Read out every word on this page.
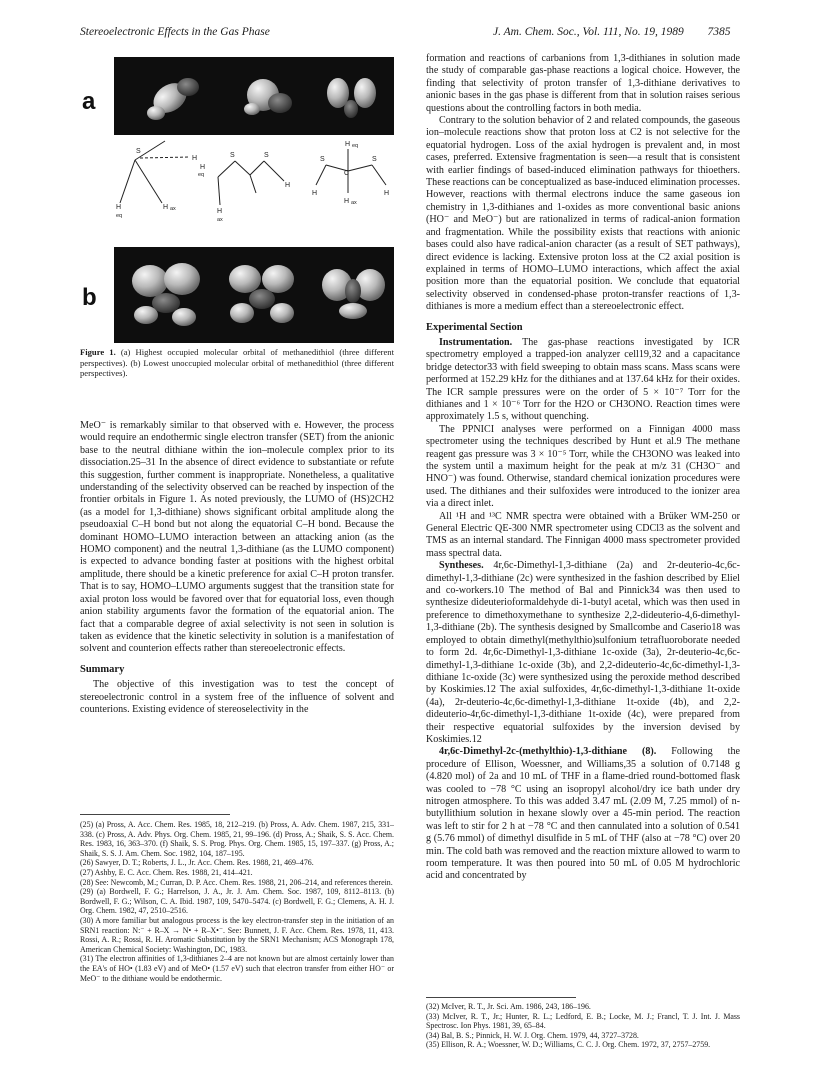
Stereoelectronic Effects in the Gas Phase	J. Am. Chem. Soc., Vol. 111, No. 19, 1989 7385
a
S
H
H
eq
H ax
H
eq
S	S
H
H
ax
H eq
S	S
C
H	H
H ax
b
Figure 1. (a) Highest occupied molecular orbital of methanedithiol (three different perspectives). (b) Lowest unoccupied molecular orbital of methanedithiol (three different perspectives).

MeO⁻ is remarkably similar to that observed with e. However, the process would require an endothermic single electron transfer (SET) from the anionic base to the neutral dithiane within the ion–molecule complex prior to its dissociation.25–31 In the absence of direct evidence to substantiate or refute this suggestion, further comment is inappropriate. Nonetheless, a qualitative understanding of the selectivity observed can be reached by inspection of the frontier orbitals in Figure 1. As noted previously, the LUMO of (HS)2CH2 (as a model for 1,3-dithiane) shows significant orbital amplitude along the pseudoaxial C–H bond but not along the equatorial C–H bond. Because the dominant HOMO–LUMO interaction between an attacking anion (as the HOMO component) and the neutral 1,3-dithiane (as the LUMO component) is expected to advance bonding faster at positions with the highest orbital amplitude, there should be a kinetic preference for axial C–H proton transfer. That is to say, HOMO–LUMO arguments suggest that the transition state for axial proton loss would be favored over that for equatorial loss, even though anion stability arguments favor the formation of the equatorial anion. The fact that a comparable degree of axial selectivity is not seen in solution is taken as evidence that the kinetic selectivity in solution is a manifestation of solvent and counterion effects rather than stereoelectronic effects.

Summary

The objective of this investigation was to test the concept of stereoelectronic control in a system free of the influence of solvent and counterions. Existing evidence of stereoselectivity in the

(25) (a) Pross, A. Acc. Chem. Res. 1985, 18, 212–219. (b) Pross, A. Adv. Chem. 1987, 215, 331–338. (c) Pross, A. Adv. Phys. Org. Chem. 1985, 21, 99–196. (d) Pross, A.; Shaik, S. S. Acc. Chem. Res. 1983, 16, 363–370. (f) Shaik, S. S. Prog. Phys. Org. Chem. 1985, 15, 197–337. (g) Pross, A.; Shaik, S. S. J. Am. Chem. Soc. 1982, 104, 187–195.

(26) Sawyer, D. T.; Roberts, J. L., Jr. Acc. Chem. Res. 1988, 21, 469–476.

(27) Ashby, E. C. Acc. Chem. Res. 1988, 21, 414–421.

(28) See: Newcomb, M.; Curran, D. P. Acc. Chem. Res. 1988, 21, 206–214, and references therein.

(29) (a) Bordwell, F. G.; Harrelson, J. A., Jr. J. Am. Chem. Soc. 1987, 109, 8112–8113. (b) Bordwell, F. G.; Wilson, C. A. Ibid. 1987, 109, 5470–5474. (c) Bordwell, F. G.; Clemens, A. H. J. Org. Chem. 1982, 47, 2510–2516.

(30) A more familiar but analogous process is the key electron-transfer step in the initiation of an SRN1 reaction: N:⁻ + R–X → N• + R–X•⁻. See: Bunnett, J. F. Acc. Chem. Res. 1978, 11, 413. Rossi, A. R.; Rossi, R. H. Aromatic Substitution by the SRN1 Mechanism; ACS Monograph 178, American Chemical Society: Washington, DC, 1983.

(31) The electron affinities of 1,3-dithianes 2–4 are not known but are almost certainly lower than the EA's of HO• (1.83 eV) and of MeO• (1.57 eV) such that electron transfer from either HO⁻ or MeO⁻ to the dithiane would be endothermic.

formation and reactions of carbanions from 1,3-dithianes in solution made the study of comparable gas-phase reactions a logical choice. However, the finding that selectivity of proton transfer of 1,3-dithiane derivatives to anionic bases in the gas phase is different from that in solution raises serious questions about the controlling factors in both media.

Contrary to the solution behavior of 2 and related compounds, the gaseous ion–molecule reactions show that proton loss at C2 is not selective for the equatorial hydrogen. Loss of the axial hydrogen is prevalent and, in most cases, preferred. Extensive fragmentation is seen—a result that is consistent with earlier findings of based-induced elimination pathways for thioethers. These reactions can be conceptualized as base-induced elimination processes. However, reactions with thermal electrons induce the same gaseous ion chemistry in 1,3-dithianes and 1-oxides as more conventional basic anions (HO⁻ and MeO⁻) but are rationalized in terms of radical-anion formation and fragmentation. While the possibility exists that reactions with anionic bases could also have radical-anion character (as a result of SET pathways), direct evidence is lacking. Extensive proton loss at the C2 axial position is explained in terms of HOMO–LUMO interactions, which affect the axial position more than the equatorial position. We conclude that equatorial selectivity observed in condensed-phase proton-transfer reactions of 1,3-dithianes is more a medium effect than a stereoelectronic effect.

Experimental Section

Instrumentation. The gas-phase reactions investigated by ICR spectrometry employed a trapped-ion analyzer cell19,32 and a capacitance bridge detector33 with field sweeping to obtain mass scans. Mass scans were performed at 152.29 kHz for the dithianes and at 137.64 kHz for their oxides. The ICR sample pressures were on the order of 5 × 10⁻⁷ Torr for the dithianes and 1 × 10⁻⁶ Torr for the H2O or CH3ONO. Reaction times were approximately 1.5 s, without quenching.

The PPNICI analyses were performed on a Finnigan 4000 mass spectrometer using the techniques described by Hunt et al.9 The methane reagent gas pressure was 3 × 10⁻⁵ Torr, while the CH3ONO was leaked into the system until a maximum height for the peak at m/z 31 (CH3O⁻ and HNO⁻) was found. Otherwise, standard chemical ionization procedures were used. The dithianes and their sulfoxides were introduced to the ionizer area via a direct inlet.

All ¹H and ¹³C NMR spectra were obtained with a Brüker WM-250 or General Electric QE-300 NMR spectrometer using CDCl3 as the solvent and TMS as an internal standard. The Finnigan 4000 mass spectrometer provided mass spectral data.

Syntheses. 4r,6c-Dimethyl-1,3-dithiane (2a) and 2r-deuterio-4c,6c-dimethyl-1,3-dithiane (2c) were synthesized in the fashion described by Eliel and co-workers.10 The method of Bal and Pinnick34 was then used to synthesize dideuterioformaldehyde di-1-butyl acetal, which was then used in preference to dimethoxymethane to synthesize 2,2-dideuterio-4,6-dimethyl-1,3-dithiane (2b). The synthesis designed by Smallcombe and Caserio18 was employed to obtain dimethyl(methylthio)sulfonium tetrafluoroborate needed to form 2d. 4r,6c-Dimethyl-1,3-dithiane 1c-oxide (3a), 2r-deuterio-4c,6c-dimethyl-1,3-dithiane 1c-oxide (3b), and 2,2-dideuterio-4c,6c-dimethyl-1,3-dithiane 1c-oxide (3c) were synthesized using the peroxide method described by Koskimies.12 The axial sulfoxides, 4r,6c-dimethyl-1,3-dithiane 1t-oxide (4a), 2r-deuterio-4c,6c-dimethyl-1,3-dithiane 1t-oxide (4b), and 2,2-dideuterio-4r,6c-dimethyl-1,3-dithiane 1t-oxide (4c), were prepared from their respective equatorial sulfoxides by the inversion devised by Koskimies.12

4r,6c-Dimethyl-2c-(methylthio)-1,3-dithiane (8). Following the procedure of Ellison, Woessner, and Williams,35 a solution of 0.7148 g (4.820 mol) of 2a and 10 mL of THF in a flame-dried round-bottomed flask was cooled to −78 °C using an isopropyl alcohol/dry ice bath under dry nitrogen atmosphere. To this was added 3.47 mL (2.09 M, 7.25 mmol) of n-butyllithium solution in hexane slowly over a 45-min period. The reaction was left to stir for 2 h at −78 °C and then cannulated into a solution of 0.541 g (5.76 mmol) of dimethyl disulfide in 5 mL of THF (also at −78 °C) over 20 min. The cold bath was removed and the reaction mixture allowed to warm to room temperature. It was then poured into 50 mL of 0.05 M hydrochloric acid and concentrated by

(32) McIver, R. T., Jr. Sci. Am. 1986, 243, 186–196.

(33) McIver, R. T., Jr.; Hunter, R. L.; Ledford, E. B.; Locke, M. J.; Francl, T. J. Int. J. Mass Spectrosc. Ion Phys. 1981, 39, 65–84.

(34) Bal, B. S.; Pinnick, H. W. J. Org. Chem. 1979, 44, 3727–3728.

(35) Ellison, R. A.; Woessner, W. D.; Williams, C. C. J. Org. Chem. 1972, 37, 2757–2759.
